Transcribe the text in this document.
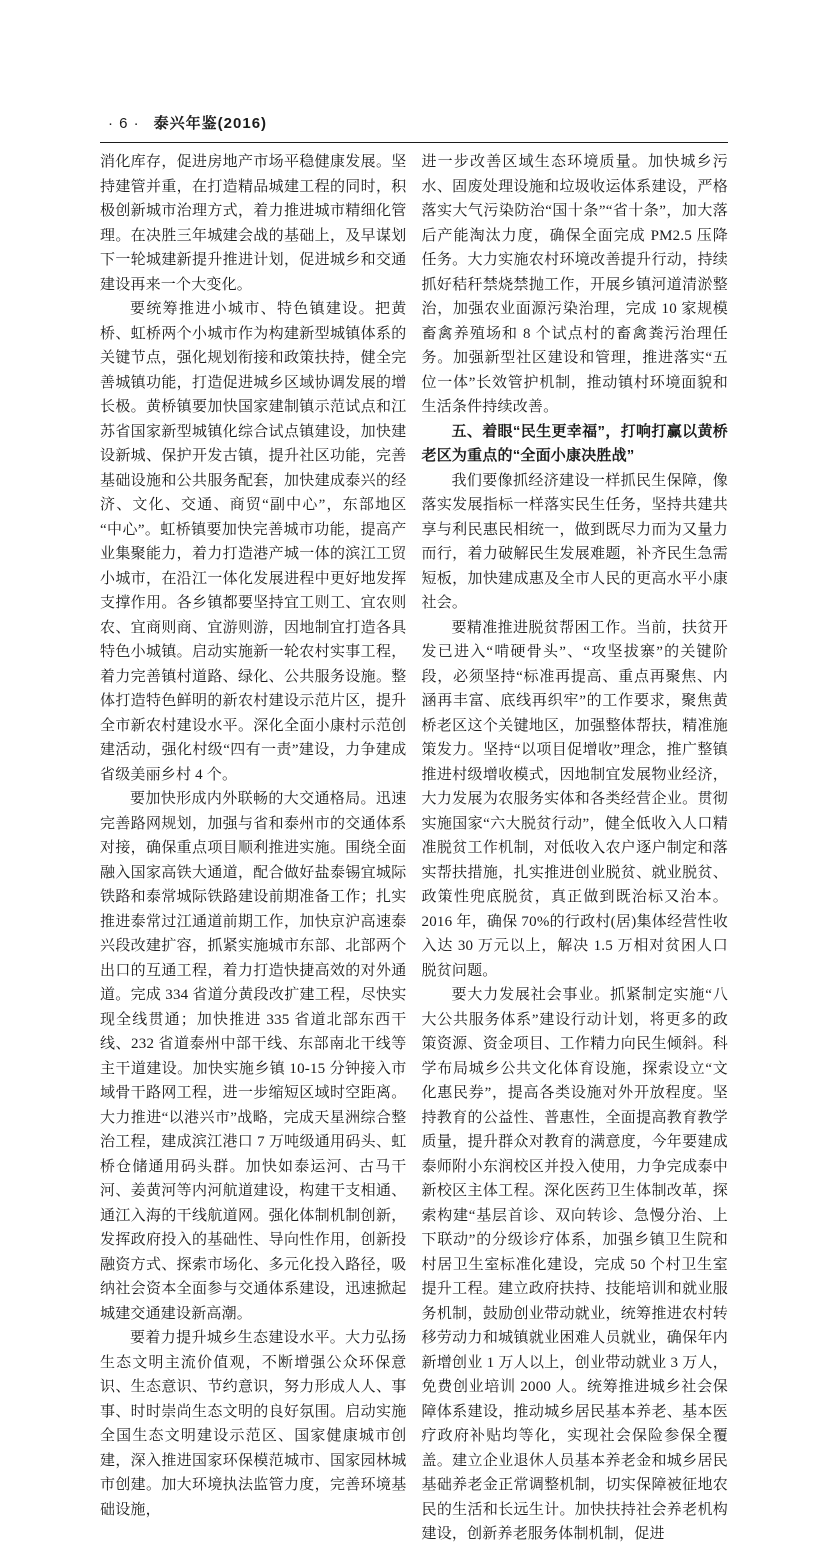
· 6 · 泰兴年鉴(2016)

消化库存，促进房地产市场平稳健康发展。坚持建管并重，在打造精品城建工程的同时，积极创新城市治理方式，着力推进城市精细化管理。在决胜三年城建会战的基础上，及早谋划下一轮城建新提升推进计划，促进城乡和交通建设再来一个大变化。

要统筹推进小城市、特色镇建设。把黄桥、虹桥两个小城市作为构建新型城镇体系的关键节点，强化规划衔接和政策扶持，健全完善城镇功能，打造促进城乡区域协调发展的增长极。黄桥镇要加快国家建制镇示范试点和江苏省国家新型城镇化综合试点镇建设，加快建设新城、保护开发古镇，提升社区功能，完善基础设施和公共服务配套，加快建成泰兴的经济、文化、交通、商贸“副中心”，东部地区“中心”。虹桥镇要加快完善城市功能，提高产业集聚能力，着力打造港产城一体的滨江工贸小城市，在沿江一体化发展进程中更好地发挥支撑作用。各乡镇都要坚持宜工则工、宜农则农、宜商则商、宜游则游，因地制宜打造各具特色小城镇。启动实施新一轮农村实事工程，着力完善镇村道路、绿化、公共服务设施。整体打造特色鲜明的新农村建设示范片区，提升全市新农村建设水平。深化全面小康村示范创建活动，强化村级“四有一责”建设，力争建成省级美丽乡村 4 个。

要加快形成内外联畅的大交通格局。迅速完善路网规划，加强与省和泰州市的交通体系对接，确保重点项目顺利推进实施。围绕全面融入国家高铁大通道，配合做好盐泰锡宜城际铁路和泰常城际铁路建设前期准备工作；扎实推进泰常过江通道前期工作，加快京沪高速泰兴段改建扩容，抓紧实施城市东部、北部两个出口的互通工程，着力打造快捷高效的对外通道。完成 334 省道分黄段改扩建工程，尽快实现全线贯通；加快推进 335 省道北部东西干线、232 省道泰州中部干线、东部南北干线等主干道建设。加快实施乡镇 10-15 分钟接入市域骨干路网工程，进一步缩短区域时空距离。大力推进“以港兴市”战略，完成天星洲综合整治工程，建成滨江港口 7 万吨级通用码头、虹桥仓储通用码头群。加快如泰运河、古马干河、姜黄河等内河航道建设，构建干支相通、通江入海的干线航道网。强化体制机制创新，发挥政府投入的基础性、导向性作用，创新投融资方式、探索市场化、多元化投入路径，吸纳社会资本全面参与交通体系建设，迅速掀起城建交通建设新高潮。

要着力提升城乡生态建设水平。大力弘扬生态文明主流价值观，不断增强公众环保意识、生态意识、节约意识，努力形成人人、事事、时时崇尚生态文明的良好氛围。启动实施全国生态文明建设示范区、国家健康城市创建，深入推进国家环保模范城市、国家园林城市创建。加大环境执法监管力度，完善环境基础设施，

进一步改善区域生态环境质量。加快城乡污水、固废处理设施和垃圾收运体系建设，严格落实大气污染防治“国十条”“省十条”，加大落后产能淘汰力度，确保全面完成 PM2.5 压降任务。大力实施农村环境改善提升行动，持续抓好秸秆禁烧禁抛工作，开展乡镇河道清淤整治，加强农业面源污染治理，完成 10 家规模畜禽养殖场和 8 个试点村的畜禽粪污治理任务。加强新型社区建设和管理，推进落实“五位一体”长效管护机制，推动镇村环境面貌和生活条件持续改善。

五、着眼“民生更幸福”，打响打赢以黄桥老区为重点的“全面小康决胜战”

我们要像抓经济建设一样抓民生保障，像落实发展指标一样落实民生任务，坚持共建共享与利民惠民相统一，做到既尽力而为又量力而行，着力破解民生发展难题，补齐民生急需短板，加快建成惠及全市人民的更高水平小康社会。

要精准推进脱贫帮困工作。当前，扶贫开发已进入“啃硬骨头”、“攻坚拔寨”的关键阶段，必须坚持“标准再提高、重点再聚焦、内涵再丰富、底线再织牢”的工作要求，聚焦黄桥老区这个关键地区，加强整体帮扶，精准施策发力。坚持“以项目促增收”理念，推广整镇推进村级增收模式，因地制宜发展物业经济，大力发展为农服务实体和各类经营企业。贯彻实施国家“六大脱贫行动”，健全低收入人口精准脱贫工作机制，对低收入农户逐户制定和落实帮扶措施，扎实推进创业脱贫、就业脱贫、政策性兜底脱贫，真正做到既治标又治本。2016 年，确保 70%的行政村(居)集体经营性收入达 30 万元以上，解决 1.5 万相对贫困人口脱贫问题。

要大力发展社会事业。抓紧制定实施“八大公共服务体系”建设行动计划，将更多的政策资源、资金项目、工作精力向民生倾斜。科学布局城乡公共文化体育设施，探索设立“文化惠民券”，提高各类设施对外开放程度。坚持教育的公益性、普惠性，全面提高教育教学质量，提升群众对教育的满意度，今年要建成泰师附小东润校区并投入使用，力争完成泰中新校区主体工程。深化医药卫生体制改革，探索构建“基层首诊、双向转诊、急慢分治、上下联动”的分级诊疗体系，加强乡镇卫生院和村居卫生室标准化建设，完成 50 个村卫生室提升工程。建立政府扶持、技能培训和就业服务机制，鼓励创业带动就业，统筹推进农村转移劳动力和城镇就业困难人员就业，确保年内新增创业 1 万人以上，创业带动就业 3 万人，免费创业培训 2000 人。统筹推进城乡社会保障体系建设，推动城乡居民基本养老、基本医疗政府补贴均等化，实现社会保险参保全覆盖。建立企业退休人员基本养老金和城乡居民基础养老金正常调整机制，切实保障被征地农民的生活和长远生计。加快扶持社会养老机构建设，创新养老服务体制机制，促进
